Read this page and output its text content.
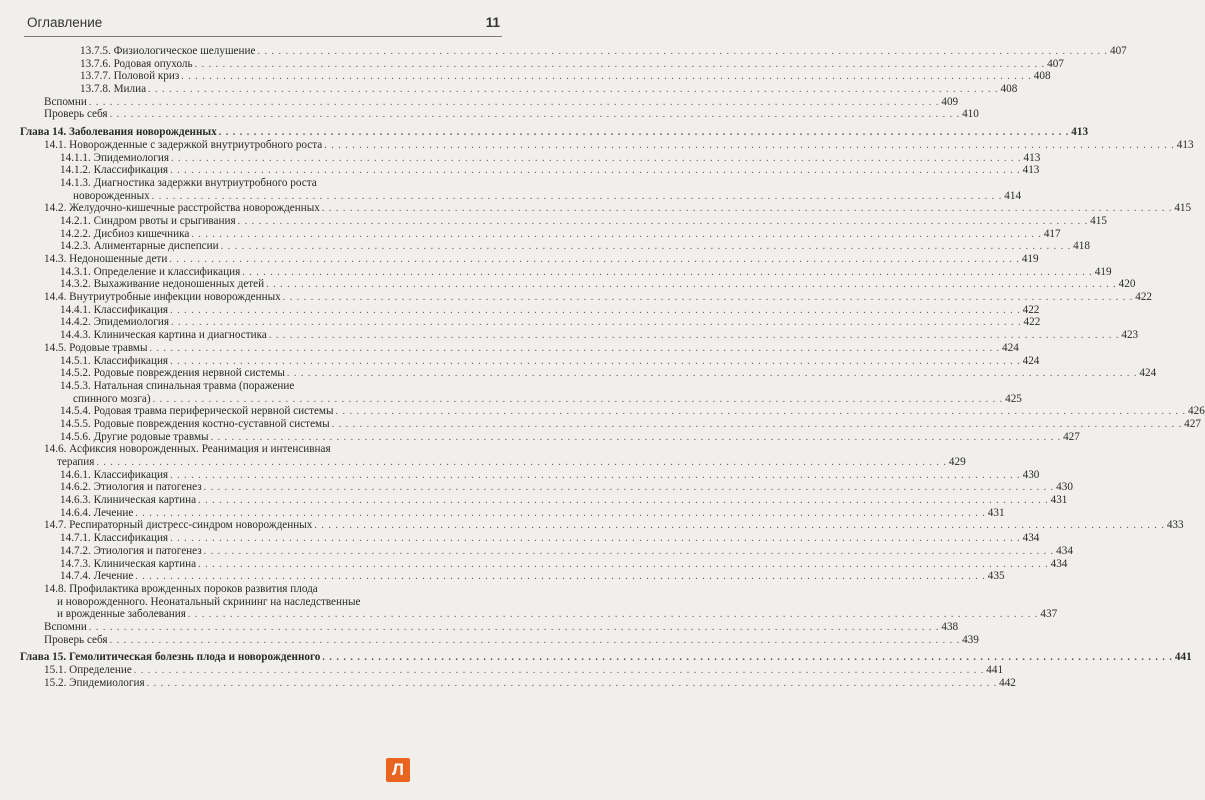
Оглавление	11
13.7.5. Физиологическое шелушение . . .	407
13.7.6. Родовая опухоль . . .	407
13.7.7. Половой криз . . .	408
13.7.8. Милиа . . .	408
Вспомни . . .	409
Проверь себя . . .	410
Глава 14. Заболевания новорожденных . . .	413
14.1. Новорожденные с задержкой внутриутробного роста . . .	413
14.1.1. Эпидемиология . . .	413
14.1.2. Классификация . . .	413
14.1.3. Диагностика задержки внутриутробного роста
новорожденных . . .	414
14.2. Желудочно-кишечные расстройства новорожденных . . .	415
14.2.1. Синдром рвоты и срыгивания . . .	415
14.2.2. Дисбиоз кишечника . . .	417
14.2.3. Алиментарные диспепсии . . .	418
14.3. Недоношенные дети . . .	419
14.3.1. Определение и классификация . . .	419
14.3.2. Выхаживание недоношенных детей . . .	420
14.4. Внутриутробные инфекции новорожденных . . .	422
14.4.1. Классификация . . .	422
14.4.2. Эпидемиология . . .	422
14.4.3. Клиническая картина и диагностика . . .	423
14.5. Родовые травмы . . .	424
14.5.1. Классификация . . .	424
14.5.2. Родовые повреждения нервной системы . . .	424
14.5.3. Натальная спинальная травма (поражение
спинного мозга) . . .	425
14.5.4. Родовая травма периферической нервной системы . . .	426
14.5.5. Родовые повреждения костно-суставной системы . . .	427
14.5.6. Другие родовые травмы . . .	427
14.6. Асфиксия новорожденных. Реанимация и интенсивная
терапия . . .	429
14.6.1. Классификация . . .	430
14.6.2. Этиология и патогенез . . .	430
14.6.3. Клиническая картина . . .	431
14.6.4. Лечение . . .	431
14.7. Респираторный дистресс-синдром новорожденных . . .	433
14.7.1. Классификация . . .	434
14.7.2. Этиология и патогенез . . .	434
14.7.3. Клиническая картина . . .	434
14.7.4. Лечение . . .	435
14.8. Профилактика врожденных пороков развития плода
и новорожденного. Неонатальный скрининг на наследственные
и врожденные заболевания . . .	437
Вспомни . . .	438
Проверь себя . . .	439
Глава 15. Гемолитическая болезнь плода и новорожденного . . .	441
15.1. Определение . . .	441
15.2. Эпидемиология . . .	442
Л
